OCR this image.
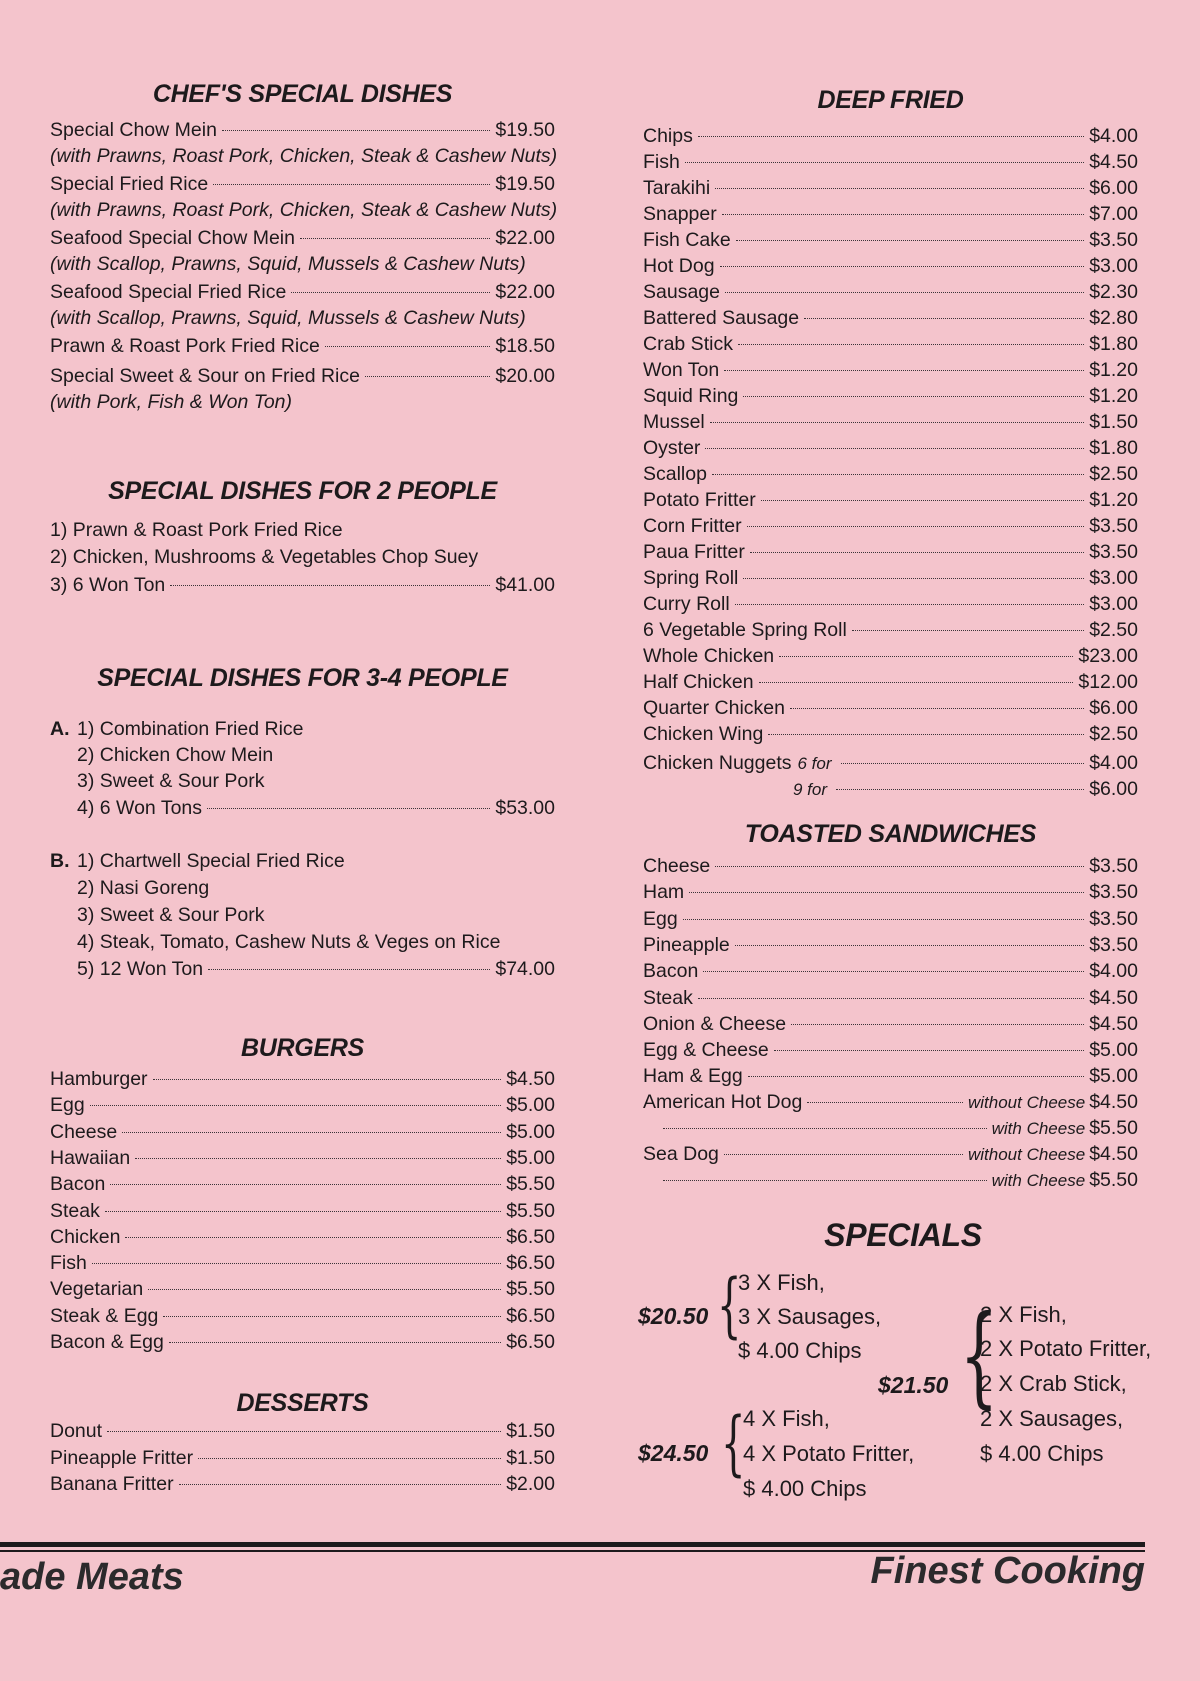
CHEF'S SPECIAL DISHES
Special Chow Mein	$19.50
(with Prawns, Roast Pork, Chicken, Steak & Cashew Nuts)
Special Fried Rice	$19.50
(with Prawns, Roast Pork, Chicken, Steak & Cashew Nuts)
Seafood Special Chow Mein	$22.00
(with Scallop, Prawns, Squid, Mussels & Cashew Nuts)
Seafood Special Fried Rice	$22.00
(with Scallop, Prawns, Squid, Mussels & Cashew Nuts)
Prawn & Roast Pork Fried Rice	$18.50
Special Sweet & Sour on Fried Rice	$20.00
(with Pork, Fish & Won Ton)
SPECIAL DISHES FOR 2 PEOPLE
1) Prawn & Roast Pork Fried Rice
2) Chicken, Mushrooms & Vegetables Chop Suey
3) 6 Won Ton	$41.00
SPECIAL DISHES FOR 3-4 PEOPLE
A. 1) Combination Fried Rice
2) Chicken Chow Mein
3) Sweet & Sour Pork
4) 6 Won Tons	$53.00
B. 1) Chartwell Special Fried Rice
2) Nasi Goreng
3) Sweet & Sour Pork
4) Steak, Tomato, Cashew Nuts & Veges on Rice
5) 12 Won Ton	$74.00
BURGERS
Hamburger	$4.50
Egg	$5.00
Cheese	$5.00
Hawaiian	$5.00
Bacon	$5.50
Steak	$5.50
Chicken	$6.50
Fish	$6.50
Vegetarian	$5.50
Steak & Egg	$6.50
Bacon & Egg	$6.50
DESSERTS
Donut	$1.50
Pineapple Fritter	$1.50
Banana Fritter	$2.00
DEEP FRIED
Chips	$4.00
Fish	$4.50
Tarakihi	$6.00
Snapper	$7.00
Fish Cake	$3.50
Hot Dog	$3.00
Sausage	$2.30
Battered Sausage	$2.80
Crab Stick	$1.80
Won Ton	$1.20
Squid Ring	$1.20
Mussel	$1.50
Oyster	$1.80
Scallop	$2.50
Potato Fritter	$1.20
Corn Fritter	$3.50
Paua Fritter	$3.50
Spring Roll	$3.00
Curry Roll	$3.00
6 Vegetable Spring Roll	$2.50
Whole Chicken	$23.00
Half Chicken	$12.00
Quarter Chicken	$6.00
Chicken Wing	$2.50
Chicken Nuggets 6 for	$4.00
9 for	$6.00
TOASTED SANDWICHES
Cheese	$3.50
Ham	$3.50
Egg	$3.50
Pineapple	$3.50
Bacon	$4.00
Steak	$4.50
Onion & Cheese	$4.50
Egg & Cheese	$5.00
Ham & Egg	$5.00
American Hot Dog	without Cheese $4.50
with Cheese $5.50
Sea Dog	without Cheese $4.50
with Cheese $5.50
SPECIALS
$20.50 {
3 X Fish,
3 X Sausages,
$ 4.00 Chips
$21.50 {
2 X Fish,
2 X Potato Fritter,
2 X Crab Stick,
2 X Sausages,
$ 4.00 Chips
$24.50 {
4 X Fish,
4 X Potato Fritter,
$ 4.00 Chips
ade Meats	Finest Cooking
